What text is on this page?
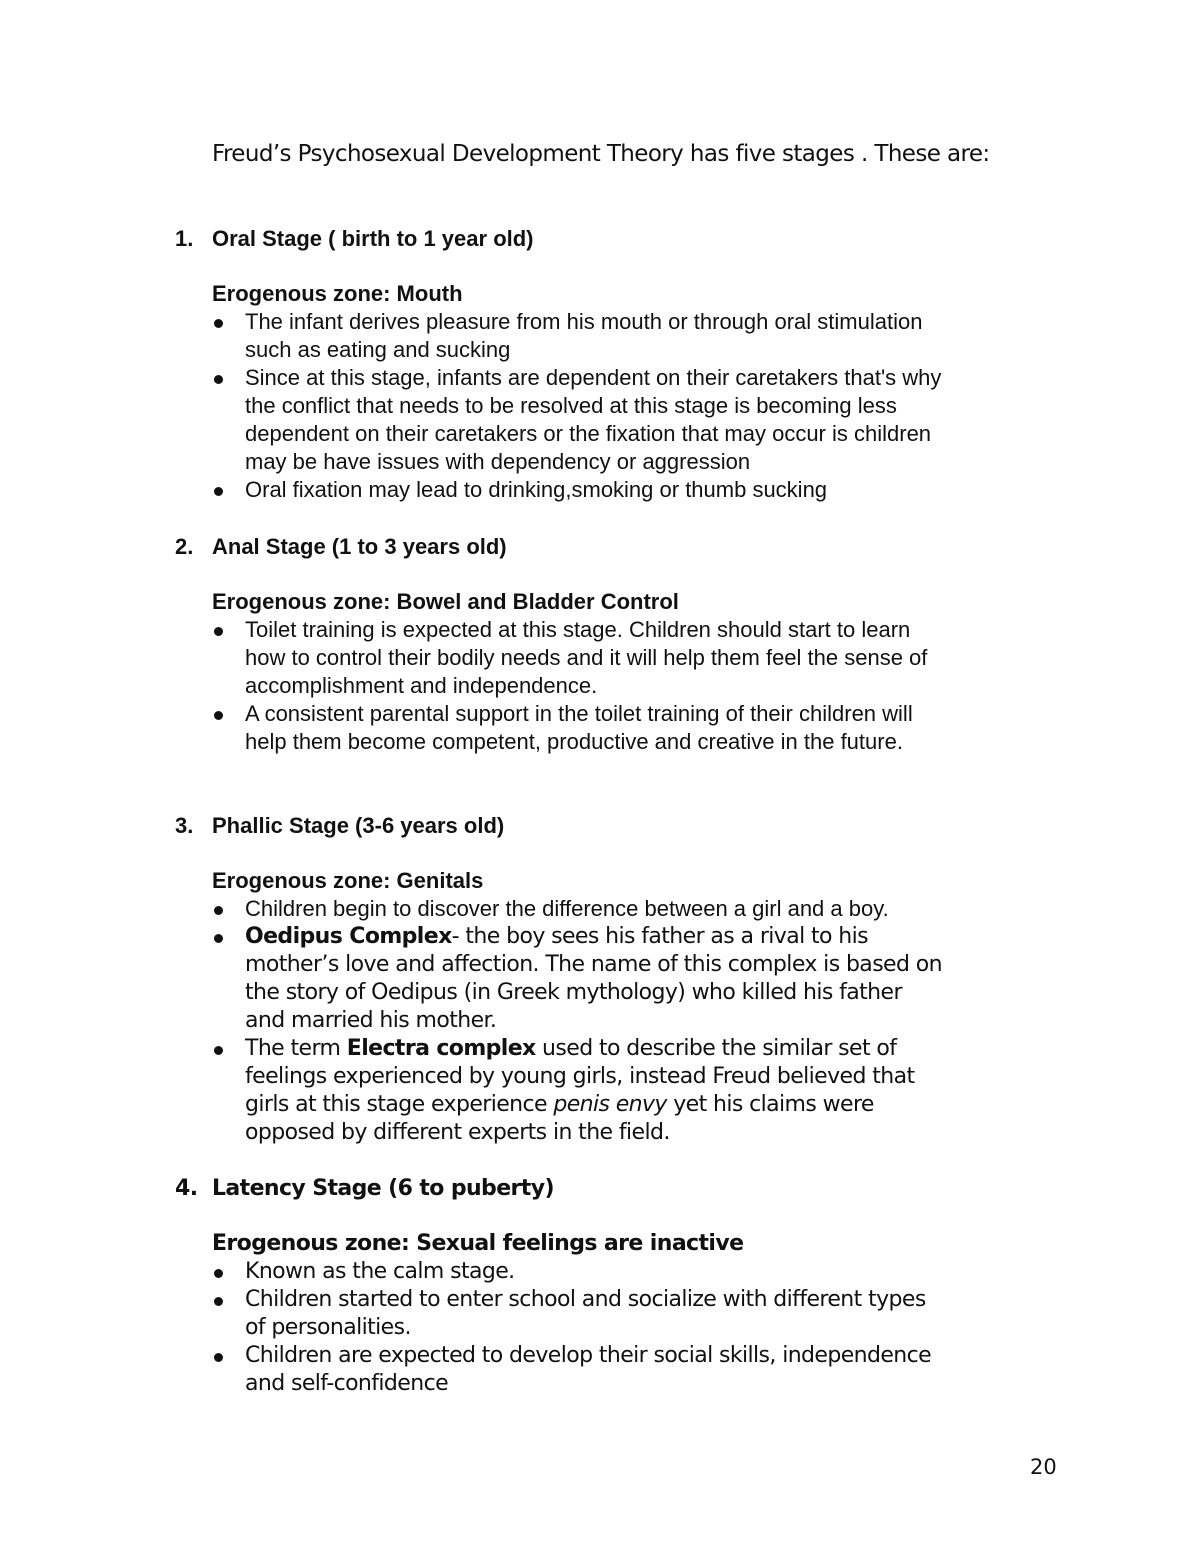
Freud’s Psychosexual Development Theory has five stages . These are:

1. Oral Stage ( birth to 1 year old)
Erogenous zone: Mouth
The infant derives pleasure from his mouth or through oral stimulation such as eating and sucking
Since at this stage, infants are dependent on their caretakers that's why the conflict that needs to be resolved at this stage is becoming less dependent on their caretakers or the fixation that may occur is children may be have issues with dependency or aggression
Oral fixation may lead to drinking,smoking or thumb sucking
2. Anal Stage (1 to 3 years old)
Erogenous zone: Bowel and Bladder Control
Toilet training is expected at this stage. Children should start to learn how to control their bodily needs and it will help them feel the sense of accomplishment and independence.
A consistent parental support in the toilet training of their children will help them become competent, productive and creative in the future.
3. Phallic Stage (3-6 years old)
Erogenous zone: Genitals
Children begin to discover the difference between a girl and a boy.
Oedipus Complex- the boy sees his father as a rival to his mother’s love and affection. The name of this complex is based on the story of Oedipus (in Greek mythology) who killed his father and married his mother.
The term Electra complex used to describe the similar set of feelings experienced by young girls, instead Freud believed that girls at this stage experience penis envy yet his claims were opposed by different experts in the field.
4. Latency Stage (6 to puberty)
Erogenous zone: Sexual feelings are inactive
Known as the calm stage.
Children started to enter school and socialize with different types of personalities.
Children are expected to develop their social skills, independence and self-confidence
20
